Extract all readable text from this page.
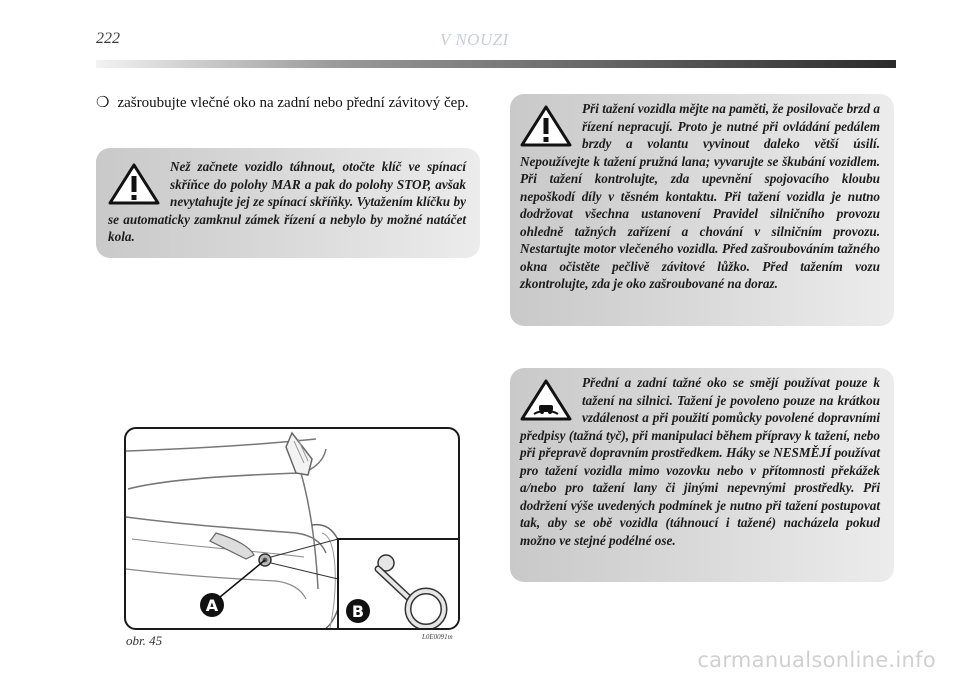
222	V NOUZI
❍ zašroubujte vlečné oko na zadní nebo přední závitový čep.

Než začnete vozidlo táhnout, otočte klíč ve spínací skříňce do polohy MAR a pak do polohy STOP, avšak nevytahujte jej ze spínací skříňky. Vytažením klíčku by se automaticky zamknul zámek řízení a nebylo by možné natáčet kola.

Při tažení vozidla mějte na paměti, že posilovače brzd a řízení nepracují. Proto je nutné při ovládání pedálem brzdy a volantu vyvinout daleko větší úsilí. Nepoužívejte k tažení pružná lana; vyvarujte se škubání vozidlem. Při tažení kontrolujte, zda upevnění spojovacího kloubu nepoškodí díly v těsném kontaktu. Při tažení vozidla je nutno dodržovat všechna ustanovení Pravidel silničního provozu ohledně tažných zařízení a chování v silničním provozu. Nestartujte motor vlečeného vozidla. Před zašroubováním tažného okna očistěte pečlivě závitové lůžko. Před tažením vozu zkontrolujte, zda je oko zašroubované na doraz.

Přední a zadní tažné oko se smějí používat pouze k tažení na silnici. Tažení je povoleno pouze na krátkou vzdálenost a při použití pomůcky povolené dopravními předpisy (tažná tyč), při manipulaci během přípravy k tažení, nebo při přepravě dopravním prostředkem. Háky se NESMĚJÍ používat pro tažení vozidla mimo vozovku nebo v přítomnosti překážek a/nebo pro tažení lany či jinými nepevnými prostředky. Při dodržení výše uvedených podmínek je nutno při tažení postupovat tak, aby se obě vozidla (táhnoucí i tažené) nacházela pokud možno ve stejné podélné ose.

A	B
obr. 45	L0E0091m
carmanualsonline.info
